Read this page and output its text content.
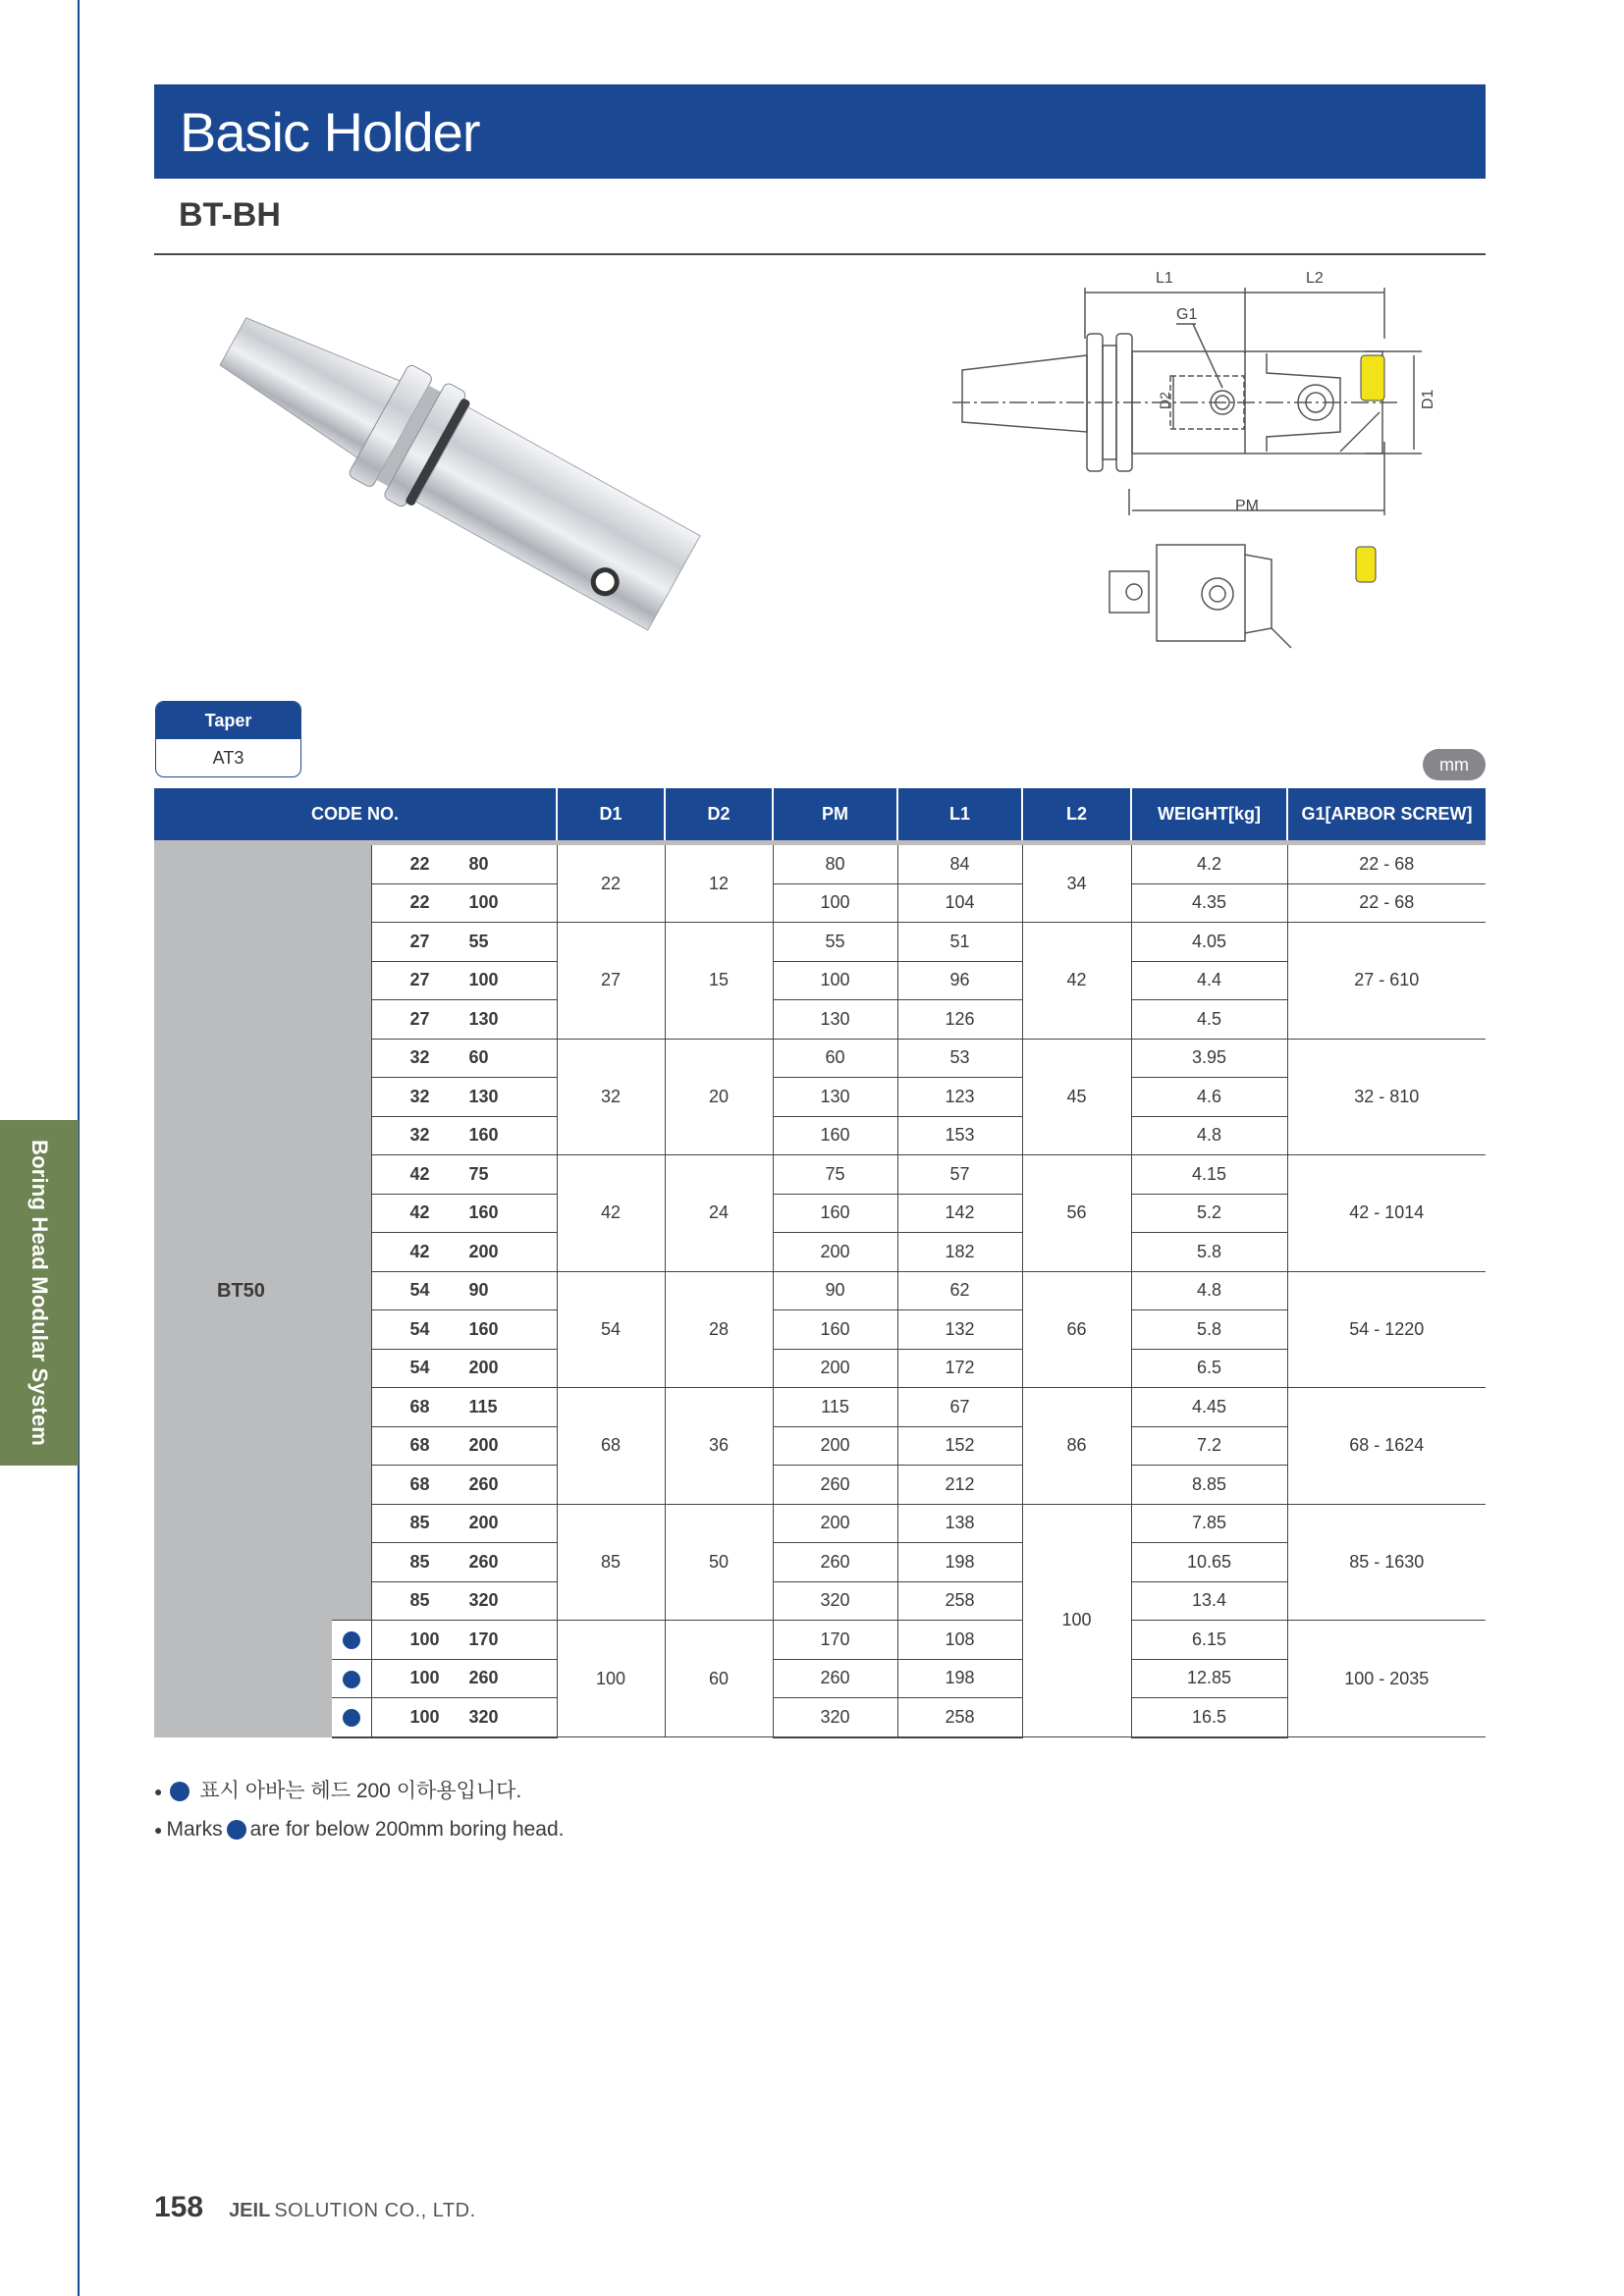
Boring Head Modular System
Basic Holder
BT-BH
L1	L2
G1
D2	D1
PM
Taper
AT3	mm
CODE NO.			D1	D2	PM	L1	L2	WEIGHT[kg]	G1[ARBOR SCREW]
BT50		22 80	22	12	80	84	34	4.2	22 - 68
		22 100			100	104		4.35	22 - 68
		27 55	27	15	55	51	42	4.05	27 - 610
		27 100			100	96		4.4	
		27 130			130	126		4.5	
		32 60	32	20	60	53	45	3.95	32 - 810
		32 130			130	123		4.6	
		32 160			160	153		4.8	
		42 75	42	24	75	57	56	4.15	42 - 1014
		42 160			160	142		5.2	
		42 200			200	182		5.8	
		54 90	54	28	90	62	66	4.8	54 - 1220
		54 160			160	132		5.8	
		54 200			200	172		6.5	
		68 115	68	36	115	67	86	4.45	68 - 1624
		68 200			200	152		7.2	
		68 260			260	212		8.85	
		85 200	85	50	200	138	100	7.85	85 - 1630
		85 260			260	198		10.65	
		85 320			320	258		13.4	
		100 170	100	60	170	108		6.15	100 - 2035
		100 260			260	198		12.85	
		100 320			320	258		16.5	
● 표시 아바는 헤드 200 이하용입니다.
● Marks are for below 200mm boring head.
158 JEIL SOLUTION CO., LTD.
